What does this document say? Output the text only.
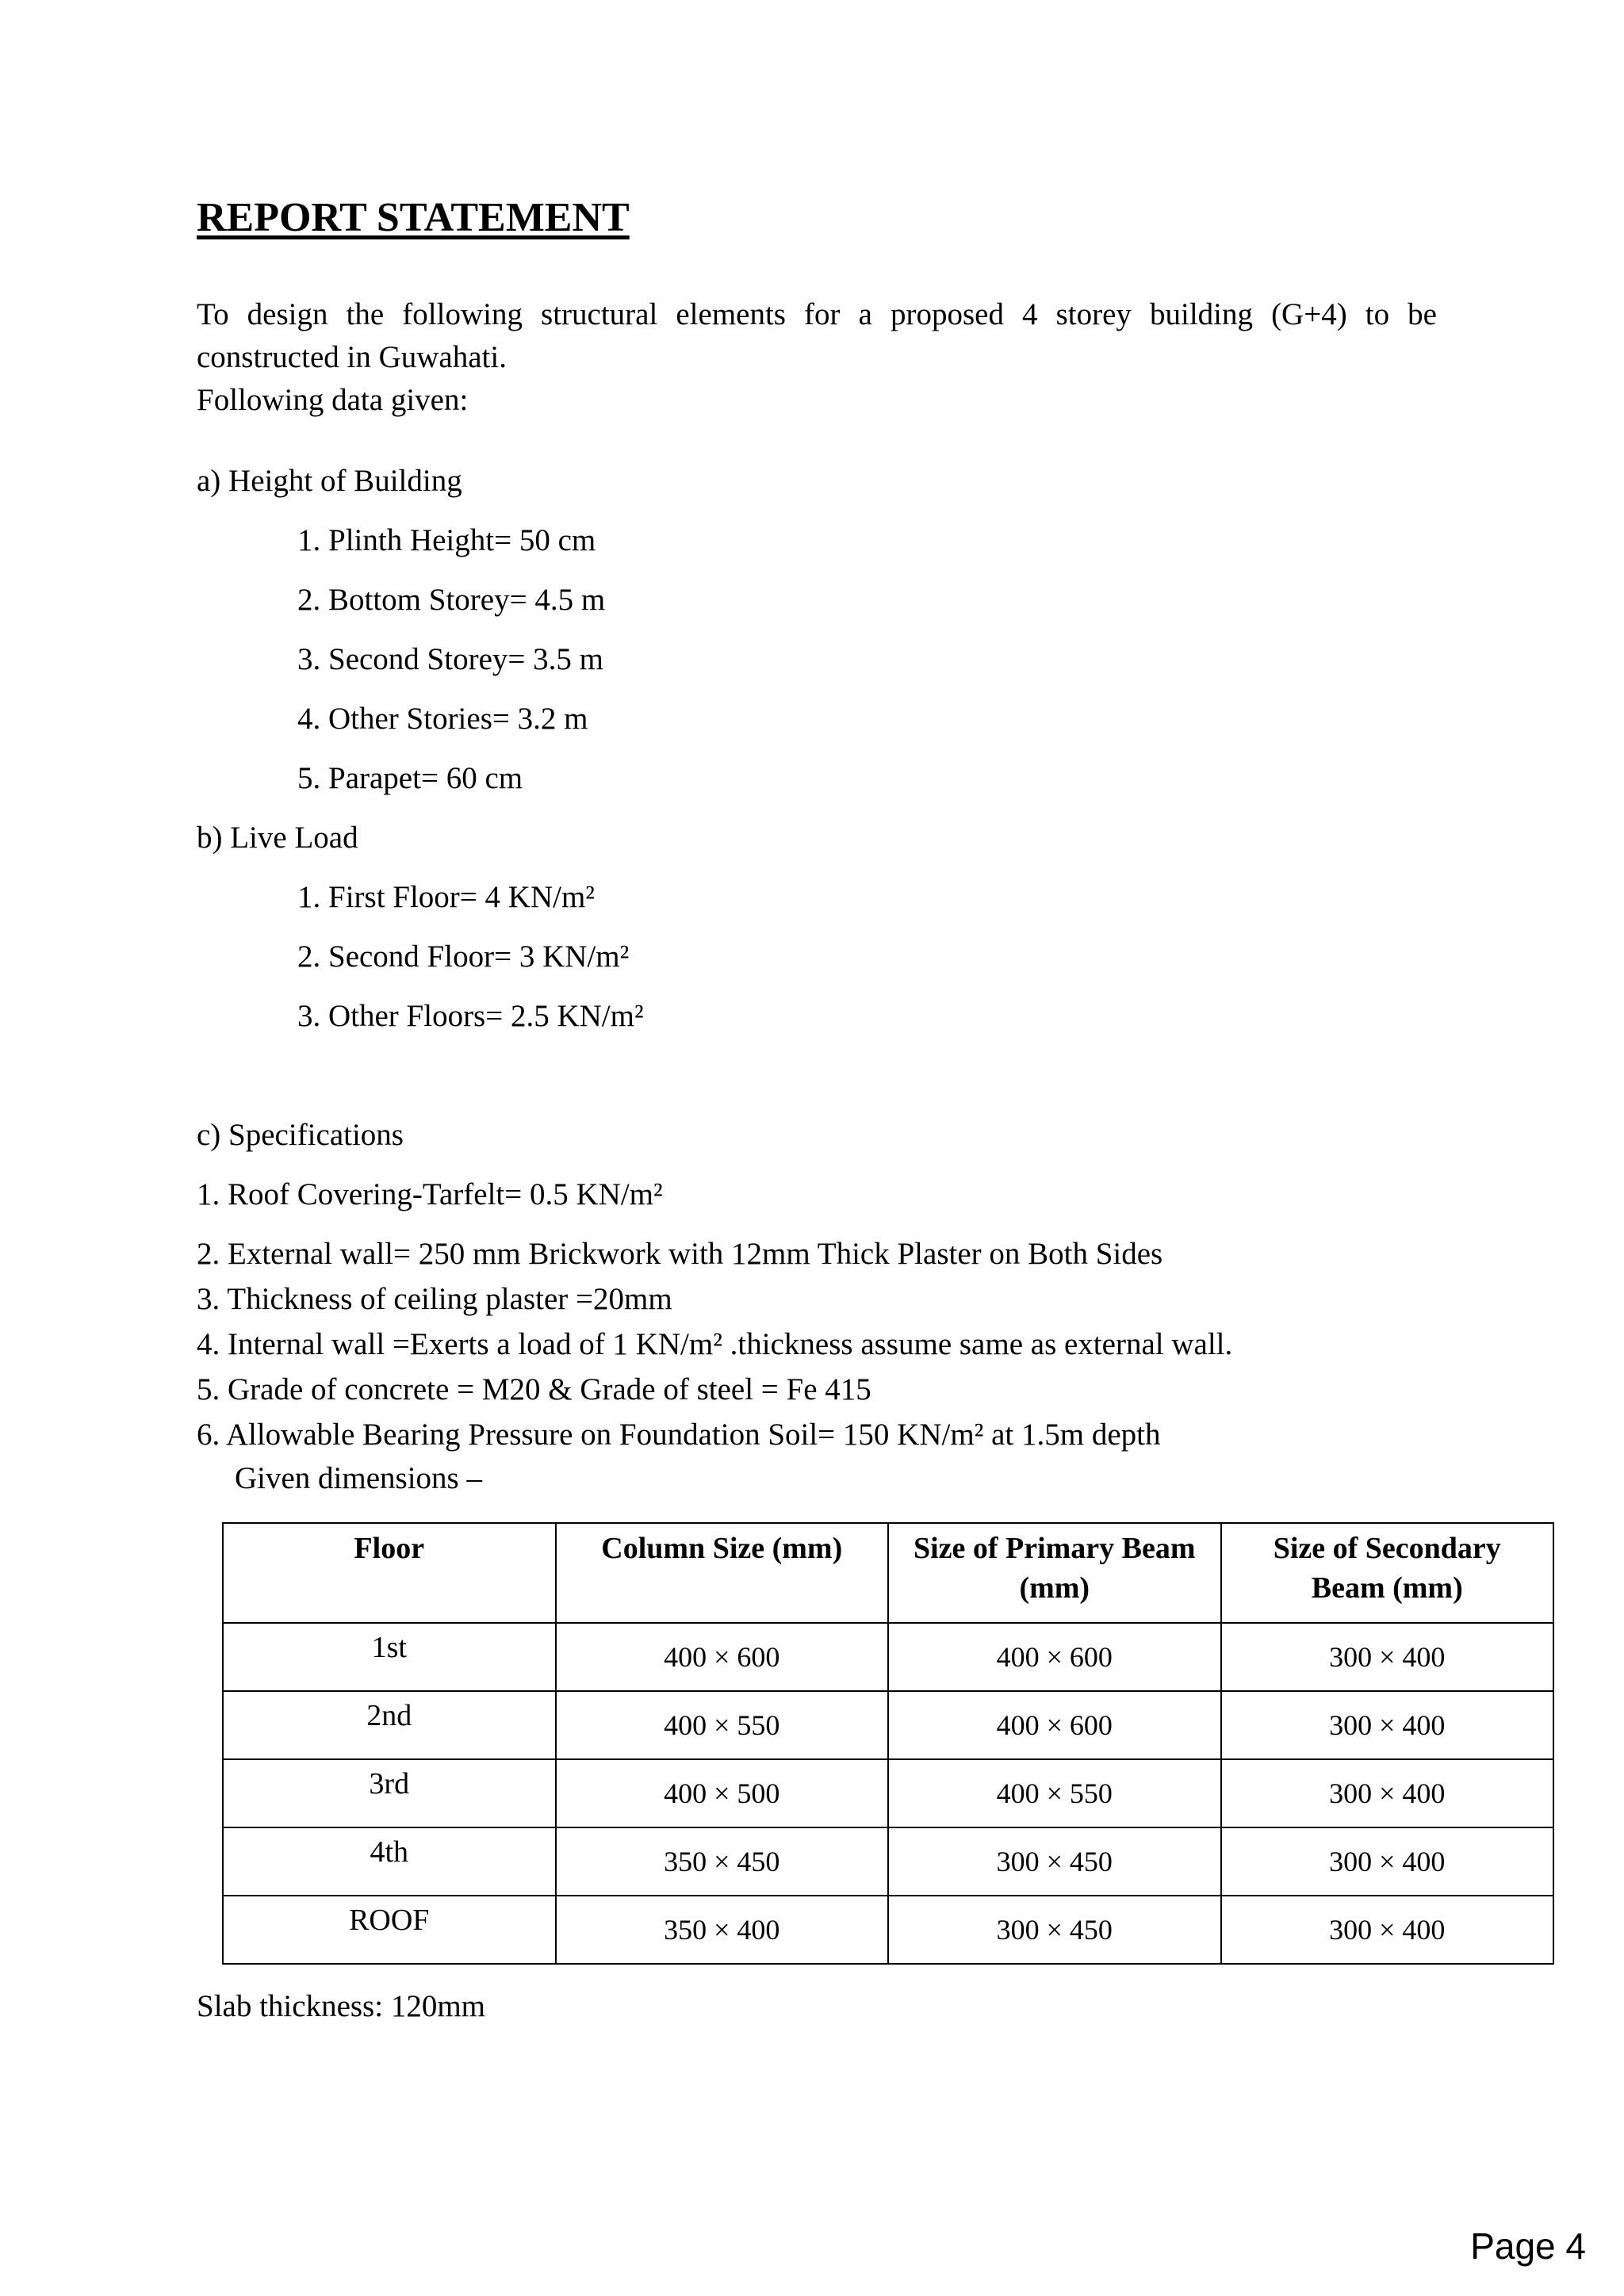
REPORT STATEMENT

To design the following structural elements for a proposed 4 storey building (G+4) to be constructed in Guwahati.
Following data given:

a) Height of Building

1. Plinth Height= 50 cm

2. Bottom Storey= 4.5 m

3. Second Storey= 3.5 m

4. Other Stories= 3.2 m

5. Parapet= 60 cm

b) Live Load

1. First Floor= 4 KN/m²

2. Second Floor= 3 KN/m²

3. Other Floors= 2.5 KN/m²

c) Specifications

1. Roof Covering-Tarfelt= 0.5 KN/m²

2. External wall= 250 mm Brickwork with 12mm Thick Plaster on Both Sides

3. Thickness of ceiling plaster =20mm

4. Internal wall =Exerts a load of 1 KN/m² .thickness assume same as external wall.

5. Grade of concrete = M20 & Grade of steel = Fe 415

6. Allowable Bearing Pressure on Foundation Soil= 150 KN/m² at 1.5m depth

Given dimensions –

Floor	Column Size (mm)	Size of Primary Beam (mm)	Size of Secondary Beam (mm)
1st	400 × 600	400 × 600	300 × 400
2nd	400 × 550	400 × 600	300 × 400
3rd	400 × 500	400 × 550	300 × 400
4th	350 × 450	300 × 450	300 × 400
ROOF	350 × 400	300 × 450	300 × 400

Slab thickness: 120mm

Page 4
